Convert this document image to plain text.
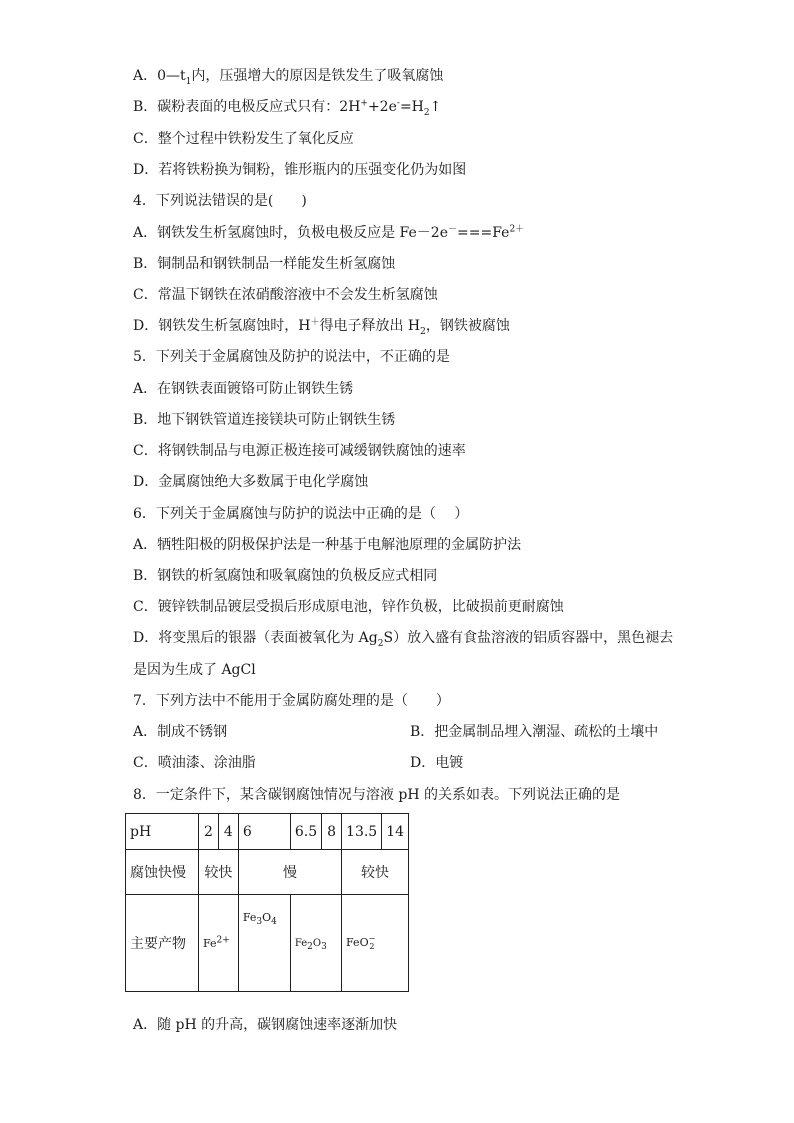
A．$0—t_1$内，压强增大的原因是铁发生了吸氧腐蚀
B．碳粉表面的电极反应式只有：$2H^++2e^-=H_2↑$
C．整个过程中铁粉发生了氧化反应
D．若将铁粉换为铜粉，锥形瓶内的压强变化仍为如图
4．下列说法错误的是(　　)
A．钢铁发生析氢腐蚀时，负极电极反应是 $Fe-2e^-===Fe^{2+}$
B．铜制品和钢铁制品一样能发生析氢腐蚀
C．常温下钢铁在浓硝酸溶液中不会发生析氢腐蚀
D．钢铁发生析氢腐蚀时，H＋得电子释放出 $H_2$，钢铁被腐蚀
5．下列关于金属腐蚀及防护的说法中，不正确的是
A．在钢铁表面镀铬可防止钢铁生锈
B．地下钢铁管道连接镁块可防止钢铁生锈
C．将钢铁制品与电源正极连接可减缓钢铁腐蚀的速率
D．金属腐蚀绝大多数属于电化学腐蚀
6．下列关于金属腐蚀与防护的说法中正确的是（　 ）
A．牺牲阳极的阴极保护法是一种基于电解池原理的金属防护法
B．钢铁的析氢腐蚀和吸氧腐蚀的负极反应式相同
C．镀锌铁制品镀层受损后形成原电池，锌作负极，比破损前更耐腐蚀
D．将变黑后的银器（表面被氧化为 $Ag_2S$）放入盛有食盐溶液的铝质容器中，黑色褪去
是因为生成了 AgCl
7．下列方法中不能用于金属防腐处理的是（　　）
A．制成不锈钢	B．把金属制品埋入潮湿、疏松的土壤中
C．喷油漆、涂油脂	D．电镀
8．一定条件下，某含碳钢腐蚀情况与溶液 pH 的关系如表。下列说法正确的是
pH	2	4	6	6.5	8	13.5	14
腐蚀快慢	较快		慢			较快	
主要产物	$Fe^{2+}$		$Fe_3O_4$	$Fe_2O_3$		FeO −
2	
A．随 pH 的升高，碳钢腐蚀速率逐渐加快
